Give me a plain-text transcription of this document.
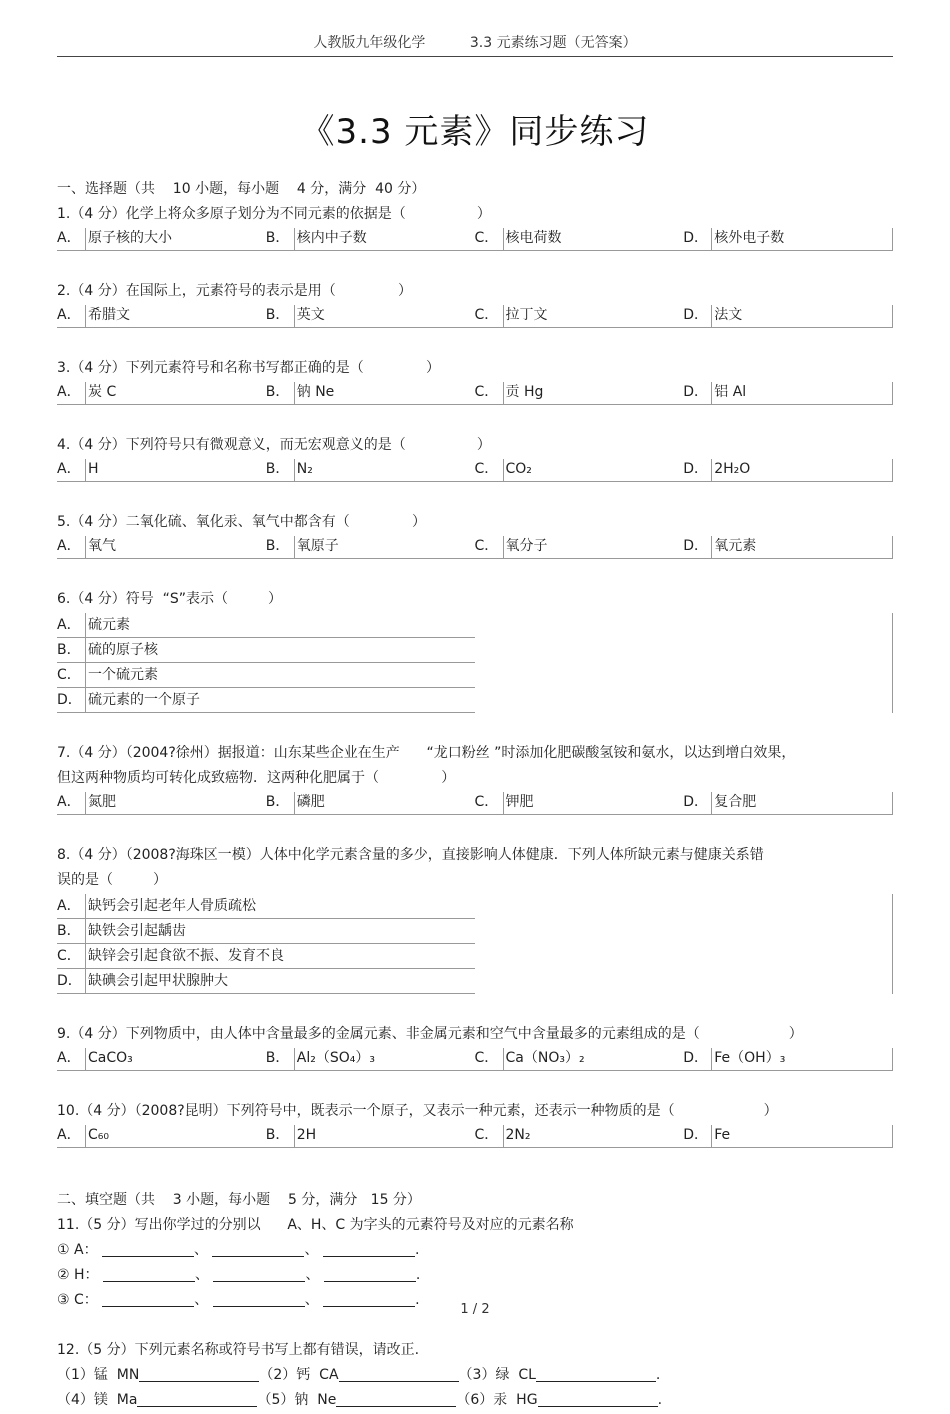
人教版九年级化学	3.3 元素练习题（无答案）
《3.3 元素》同步练习
一、选择题（共    10 小题，每小题    4 分，满分  40 分）
1.（4 分）化学上将众多原子划分为不同元素的依据是（                ）
A． 原子核的大小	B． 核内中子数	C． 核电荷数	D． 核外电子数
2.（4 分）在国际上，元素符号的表示是用（              ）
A． 希腊文	B． 英文	C． 拉丁文	D． 法文
3.（4 分）下列元素符号和名称书写都正确的是（              ）
A． 炭 C	B． 钠 Ne	C． 贡 Hg	D． 铝 Al
4.（4 分）下列符号只有微观意义，而无宏观意义的是（                ）
A． H	B． N₂	C． CO₂	D． 2H₂O
5.（4 分）二氧化硫、氧化汞、氧气中都含有（              ）
A． 氧气	B． 氧原子	C． 氧分子	D． 氧元素
6.（4 分）符号  “S”表示（         ）
A． 硫元素
B． 硫的原子核
C． 一个硫元素
D． 硫元素的一个原子
7.（4 分）（2004?徐州）据报道：山东某些企业在生产      “龙口粉丝 ”时添加化肥碳酸氢铵和氨水，以达到增白效果，
但这两种物质均可转化成致癌物．这两种化肥属于（              ）
A． 氮肥	B． 磷肥	C． 钾肥	D． 复合肥
8.（4 分）（2008?海珠区一模）人体中化学元素含量的多少，直接影响人体健康．下列人体所缺元素与健康关系错
误的是（         ）
A． 缺钙会引起老年人骨质疏松
B． 缺铁会引起龋齿
C． 缺锌会引起食欲不振、发育不良
D． 缺碘会引起甲状腺肿大
9.（4 分）下列物质中，由人体中含量最多的金属元素、非金属元素和空气中含量最多的元素组成的是（                    ）
A． CaCO₃	B． Al₂（SO₄）₃	C． Ca（NO₃）₂	D． Fe（OH）₃
10.（4 分）（2008?昆明）下列符号中，既表示一个原子，又表示一种元素，还表示一种物质的是（                    ）
A． C₆₀	B． 2H	C． 2N₂	D． Fe
二、填空题（共    3 小题，每小题    5 分，满分   15 分）
11.（5 分）写出你学过的分别以      A、H、C 为字头的元素符号及对应的元素名称
① A：	、	、	.
② H：	、	、	.
③ C：	、	、	.
12.（5 分）下列元素名称或符号书写上都有错误，请改正.
（1）锰  MN	（2）钙  CA	（3）绿  CL	.
（4）镁  Ma	（5）钠  Ne	（6）汞  HG	.
1 / 2
